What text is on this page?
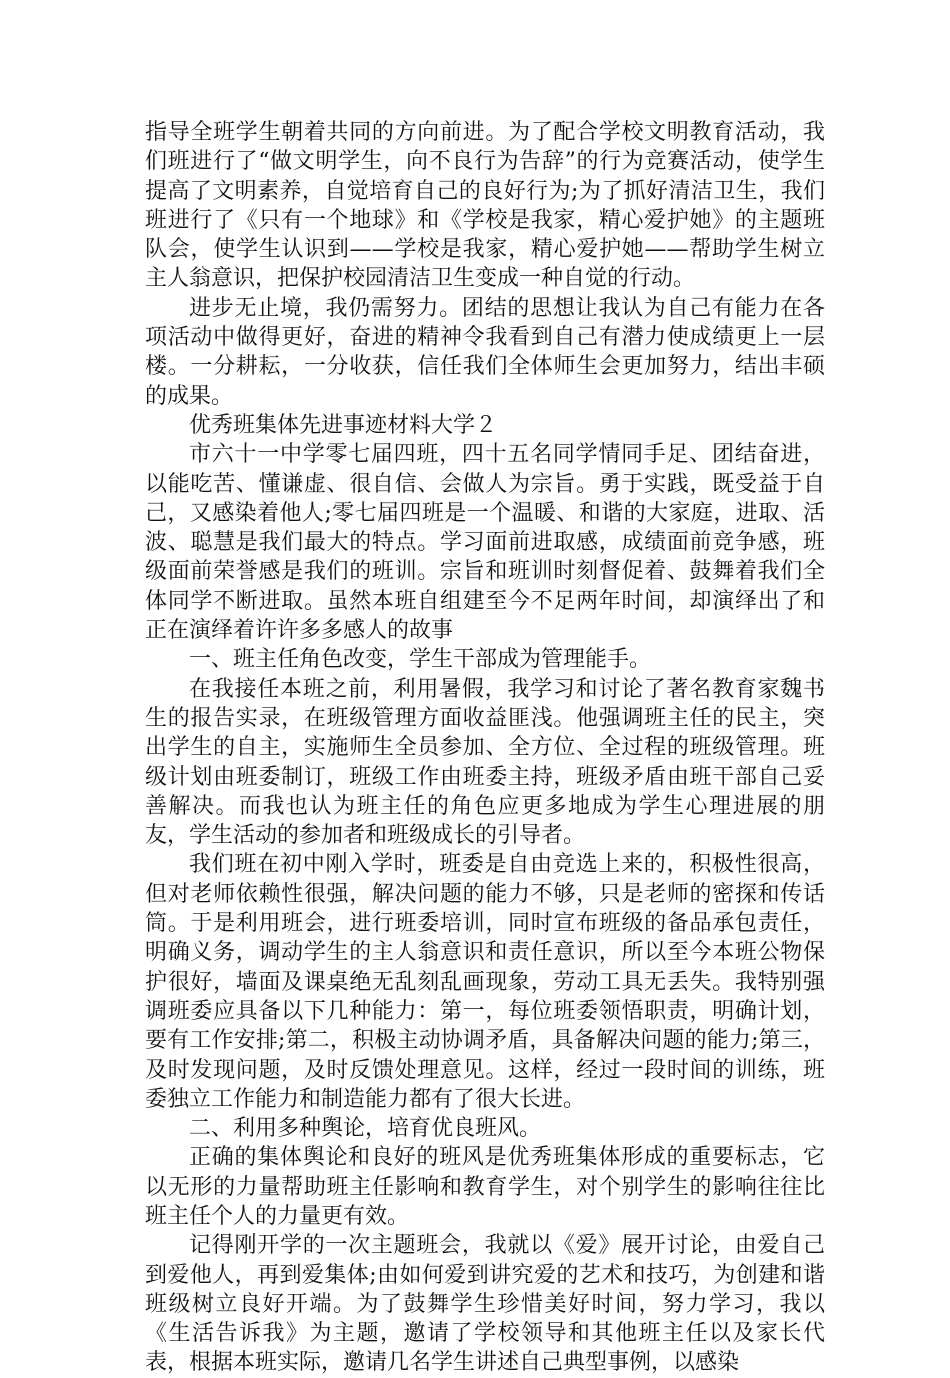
指导全班学生朝着共同的方向前进。为了配合学校文明教育活动，我们班进行了“做文明学生，向不良行为告辞”的行为竞赛活动，使学生提高了文明素养，自觉培育自己的良好行为;为了抓好清洁卫生，我们班进行了《只有一个地球》和《学校是我家，精心爱护她》的主题班队会，使学生认识到——学校是我家，精心爱护她——帮助学生树立主人翁意识，把保护校园清洁卫生变成一种自觉的行动。

进步无止境，我仍需努力。团结的思想让我认为自己有能力在各项活动中做得更好，奋进的精神令我看到自己有潜力使成绩更上一层楼。一分耕耘，一分收获，信任我们全体师生会更加努力，结出丰硕的成果。

优秀班集体先进事迹材料大学２

市六十一中学零七届四班，四十五名同学情同手足、团结奋进，以能吃苦、懂谦虚、很自信、会做人为宗旨。勇于实践，既受益于自己，又感染着他人;零七届四班是一个温暖、和谐的大家庭，进取、活波、聪慧是我们最大的特点。学习面前进取感，成绩面前竞争感，班级面前荣誉感是我们的班训。宗旨和班训时刻督促着、鼓舞着我们全体同学不断进取。虽然本班自组建至今不足两年时间，却演绎出了和正在演绎着许许多多感人的故事

一、班主任角色改变，学生干部成为管理能手。

在我接任本班之前，利用暑假，我学习和讨论了著名教育家魏书生的报告实录，在班级管理方面收益匪浅。他强调班主任的民主，突出学生的自主，实施师生全员参加、全方位、全过程的班级管理。班级计划由班委制订，班级工作由班委主持，班级矛盾由班干部自己妥善解决。而我也认为班主任的角色应更多地成为学生心理进展的朋友，学生活动的参加者和班级成长的引导者。

我们班在初中刚入学时，班委是自由竞选上来的，积极性很高，但对老师依赖性很强，解决问题的能力不够，只是老师的密探和传话筒。于是利用班会，进行班委培训，同时宣布班级的备品承包责任，明确义务，调动学生的主人翁意识和责任意识，所以至今本班公物保护很好，墙面及课桌绝无乱刻乱画现象，劳动工具无丢失。我特别强调班委应具备以下几种能力：第一，每位班委领悟职责，明确计划，要有工作安排;第二，积极主动协调矛盾，具备解决问题的能力;第三，及时发现问题，及时反馈处理意见。这样，经过一段时间的训练，班委独立工作能力和制造能力都有了很大长进。

二、利用多种舆论，培育优良班风。

正确的集体舆论和良好的班风是优秀班集体形成的重要标志，它以无形的力量帮助班主任影响和教育学生，对个别学生的影响往往比班主任个人的力量更有效。

记得刚开学的一次主题班会，我就以《爱》展开讨论，由爱自己到爱他人，再到爱集体;由如何爱到讲究爱的艺术和技巧，为创建和谐班级树立良好开端。为了鼓舞学生珍惜美好时间，努力学习，我以《生活告诉我》为主题，邀请了学校领导和其他班主任以及家长代表，根据本班实际，邀请几名学生讲述自己典型事例，以感染
